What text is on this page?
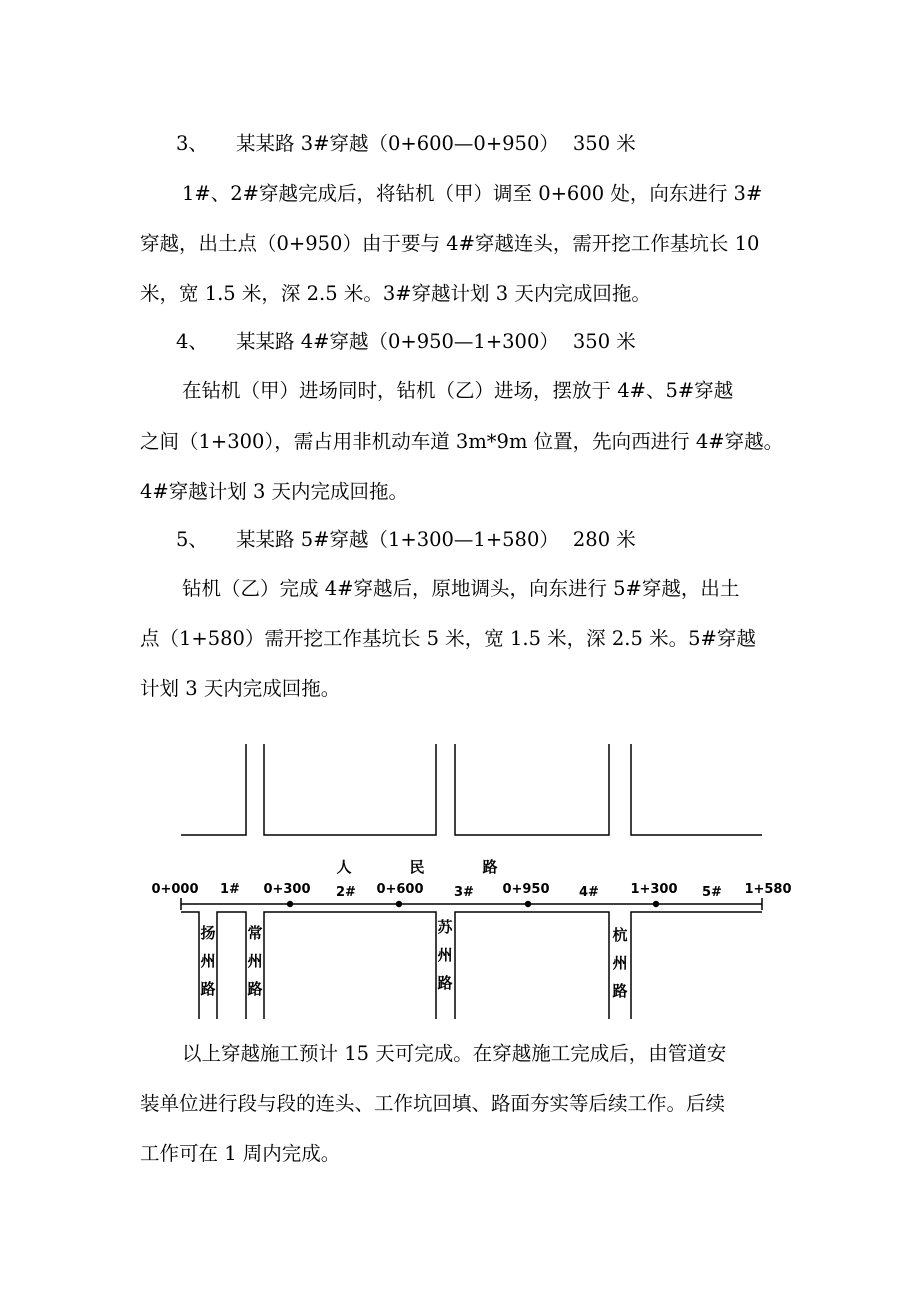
3、 某某路 3#穿越（0+600—0+950） 350 米
1#、2#穿越完成后，将钻机（甲）调至 0+600 处，向东进行 3#
穿越，出土点（0+950）由于要与 4#穿越连头，需开挖工作基坑长 10
米，宽 1.5 米，深 2.5 米。3#穿越计划 3 天内完成回拖。
4、 某某路 4#穿越（0+950—1+300） 350 米
在钻机（甲）进场同时，钻机（乙）进场，摆放于 4#、5#穿越
之间（1+300），需占用非机动车道 3m*9m 位置，先向西进行 4#穿越。
4#穿越计划 3 天内完成回拖。
5、 某某路 5#穿越（1+300—1+580） 280 米
钻机（乙）完成 4#穿越后，原地调头，向东进行 5#穿越，出土
点（1+580）需开挖工作基坑长 5 米，宽 1.5 米，深 2.5 米。5#穿越
计划 3 天内完成回拖。
人	民	路
0+000 1# 0+300 2# 0+600 3# 0+950 4# 1+300 5# 1+580
扬
州
路
常
州
路
苏
州
路
杭
州
路
以上穿越施工预计 15 天可完成。在穿越施工完成后，由管道安
装单位进行段与段的连头、工作坑回填、路面夯实等后续工作。后续
工作可在 1 周内完成。
